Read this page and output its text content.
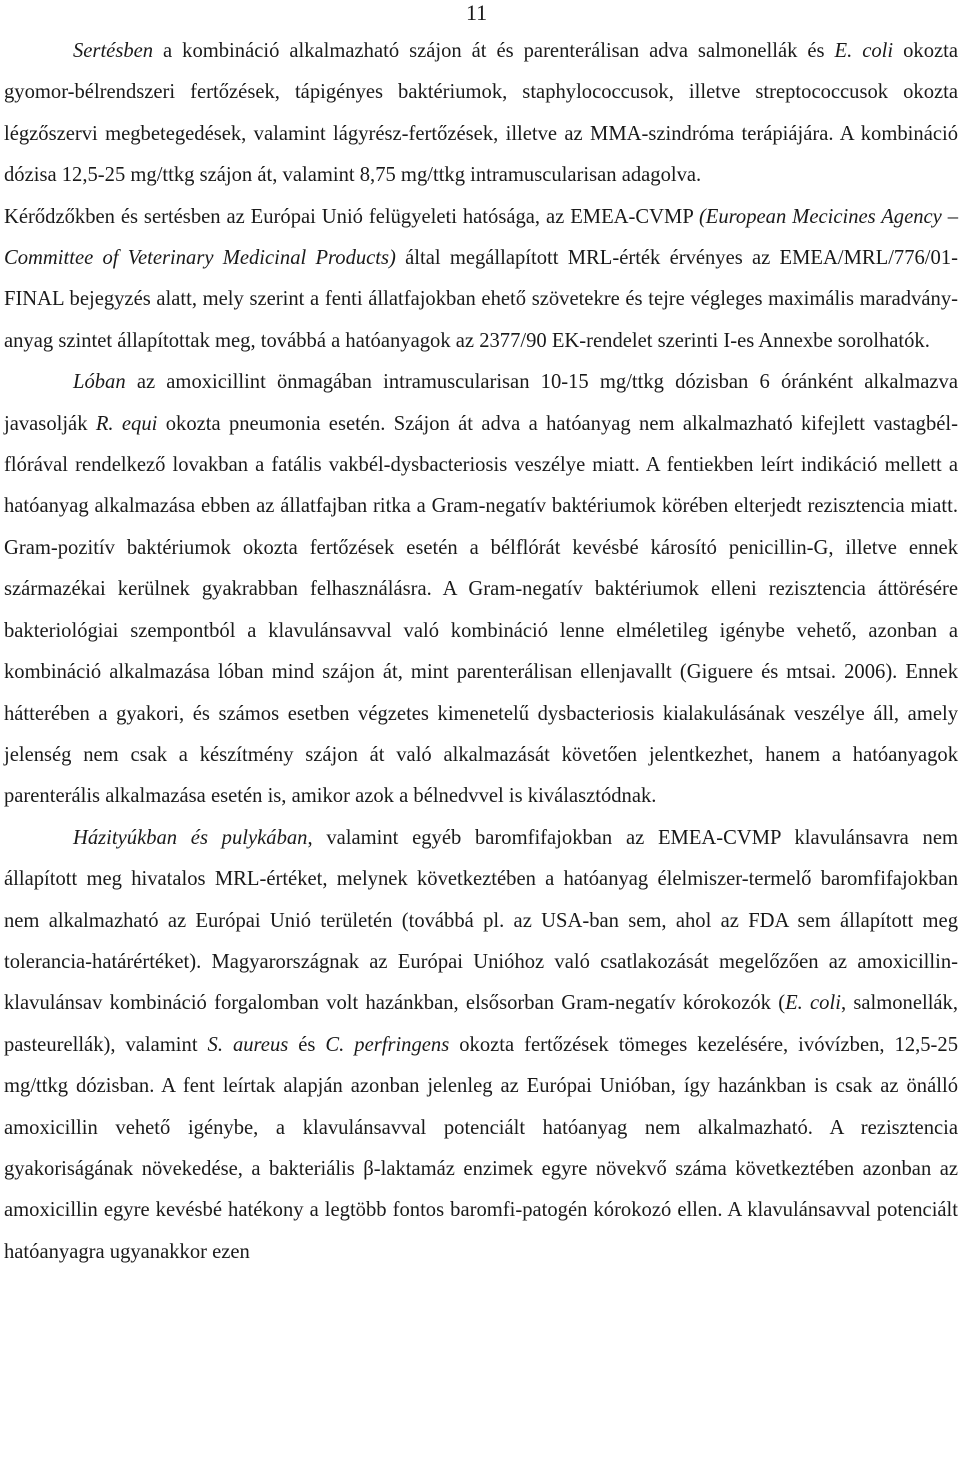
11

Sertésben a kombináció alkalmazható szájon át és parenterálisan adva salmonellák és E. coli okozta gyomor-bélrendszeri fertőzések, tápigényes baktériumok, staphylococcusok, illetve streptococcusok okozta légzőszervi megbetegedések, valamint lágyrész-fertőzések, illetve az MMA-szindróma terápiájára. A kombináció dózisa 12,5-25 mg/ttkg szájon át, valamint 8,75 mg/ttkg intramuscularisan adagolva.

Kérődzőkben és sertésben az Európai Unió felügyeleti hatósága, az EMEA-CVMP (European Mecicines Agency – Committee of Veterinary Medicinal Products) által megállapított MRL-érték érvényes az EMEA/MRL/776/01-FINAL bejegyzés alatt, mely szerint a fenti állatfajokban ehető szövetekre és tejre végleges maximális maradvány-anyag szintet állapítottak meg, továbbá a hatóanyagok az 2377/90 EK-rendelet szerinti I-es Annexbe sorolhatók.

Lóban az amoxicillint önmagában intramuscularisan 10-15 mg/ttkg dózisban 6 óránként alkalmazva javasolják R. equi okozta pneumonia esetén. Szájon át adva a hatóanyag nem alkalmazható kifejlett vastagbél-flórával rendelkező lovakban a fatális vakbél-dysbacteriosis veszélye miatt. A fentiekben leírt indikáció mellett a hatóanyag alkalmazása ebben az állatfajban ritka a Gram-negatív baktériumok körében elterjedt rezisztencia miatt. Gram-pozitív baktériumok okozta fertőzések esetén a bélflórát kevésbé károsító penicillin-G, illetve ennek származékai kerülnek gyakrabban felhasználásra. A Gram-negatív baktériumok elleni rezisztencia áttörésére bakteriológiai szempontból a klavulánsavval való kombináció lenne elméletileg igénybe vehető, azonban a kombináció alkalmazása lóban mind szájon át, mint parenterálisan ellenjavallt (Giguere és mtsai. 2006). Ennek hátterében a gyakori, és számos esetben végzetes kimenetelű dysbacteriosis kialakulásának veszélye áll, amely jelenség nem csak a készítmény szájon át való alkalmazását követően jelentkezhet, hanem a hatóanyagok parenterális alkalmazása esetén is, amikor azok a bélnedvvel is kiválasztódnak.

Házityúkban és pulykában, valamint egyéb baromfifajokban az EMEA-CVMP klavulánsavra nem állapított meg hivatalos MRL-értéket, melynek következtében a hatóanyag élelmiszer-termelő baromfifajokban nem alkalmazható az Európai Unió területén (továbbá pl. az USA-ban sem, ahol az FDA sem állapított meg tolerancia-határértéket). Magyarországnak az Európai Unióhoz való csatlakozását megelőzően az amoxicillin-klavulánsav kombináció forgalomban volt hazánkban, elsősorban Gram-negatív kórokozók (E. coli, salmonellák, pasteurellák), valamint S. aureus és C. perfringens okozta fertőzések tömeges kezelésére, ivóvízben, 12,5-25 mg/ttkg dózisban. A fent leírtak alapján azonban jelenleg az Európai Unióban, így hazánkban is csak az önálló amoxicillin vehető igénybe, a klavulánsavval potenciált hatóanyag nem alkalmazható. A rezisztencia gyakoriságának növekedése, a bakteriális β-laktamáz enzimek egyre növekvő száma következtében azonban az amoxicillin egyre kevésbé hatékony a legtöbb fontos baromfi-patogén kórokozó ellen. A klavulánsavval potenciált hatóanyagra ugyanakkor ezen
